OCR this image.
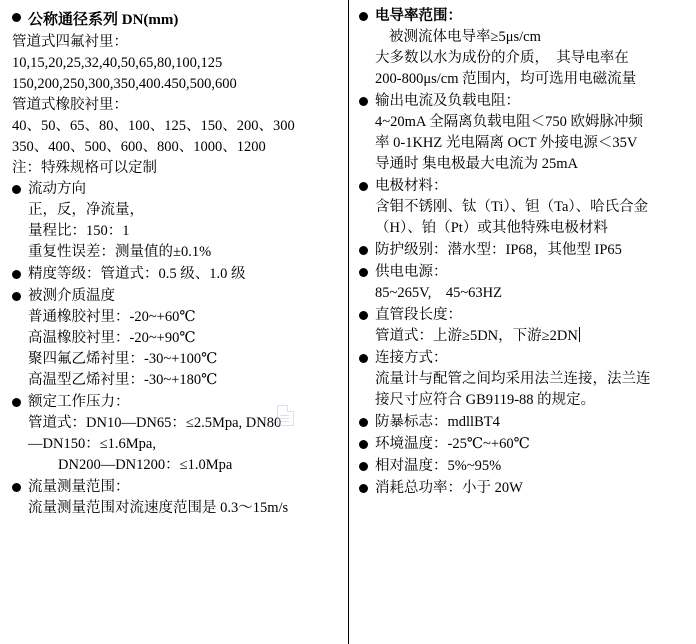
公称通径系列 DN(mm)
管道式四氟衬里：
10,15,20,25,32,40,50,65,80,100,125
150,200,250,300,350,400.450,500,600
管道式橡胶衬里：
40、50、65、80、100、125、150、200、300
350、400、500、600、800、1000、1200
注：特殊规格可以定制
流动方向
正，反，净流量，
量程比：150：1
重复性误差：测量值的±0.1%
精度等级： 管道式：0.5 级、1.0 级
被测介质温度
普通橡胶衬里：-20~+60℃
高温橡胶衬里：-20~+90℃
聚四氟乙烯衬里：-30~+100℃
高温型乙烯衬里：-30~+180℃
额定工作压力：
管道式：DN10—DN65：≤2.5Mpa, DN80
—DN150：≤1.6Mpa,
DN200—DN1200：≤1.0Mpa
流量测量范围：
流量测量范围对流速度范围是 0.3～15m/s
电导率范围：
被测流体电导率≥5μs/cm
大多数以水为成份的介质，　其导电率在
200-800μs/cm 范围内，均可选用电磁流量
输出电流及负载电阻：
4~20mA 全隔离负载电阻＜750 欧姆脉冲频
率 0-1KHZ 光电隔离 OCT 外接电源＜35V
导通时 集电极最大电流为 25mA
电极材料：
含钼不锈刚、钛（Ti）、钽（Ta）、哈氏合金
（H）、铂（Pt）或其他特殊电极材料
防护级别： 潜水型：IP68，其他型 IP65
供电电源：
85~265V,　45~63HZ
直管段长度：
管道式：上游≥5DN，下游≥2DN
连接方式：
流量计与配管之间均采用法兰连接，法兰连
接尺寸应符合 GB9119-88 的规定。
防暴标志： mdllBT4
环境温度： -25℃~+60℃
相对温度： 5%~95%
消耗总功率： 小于 20W
